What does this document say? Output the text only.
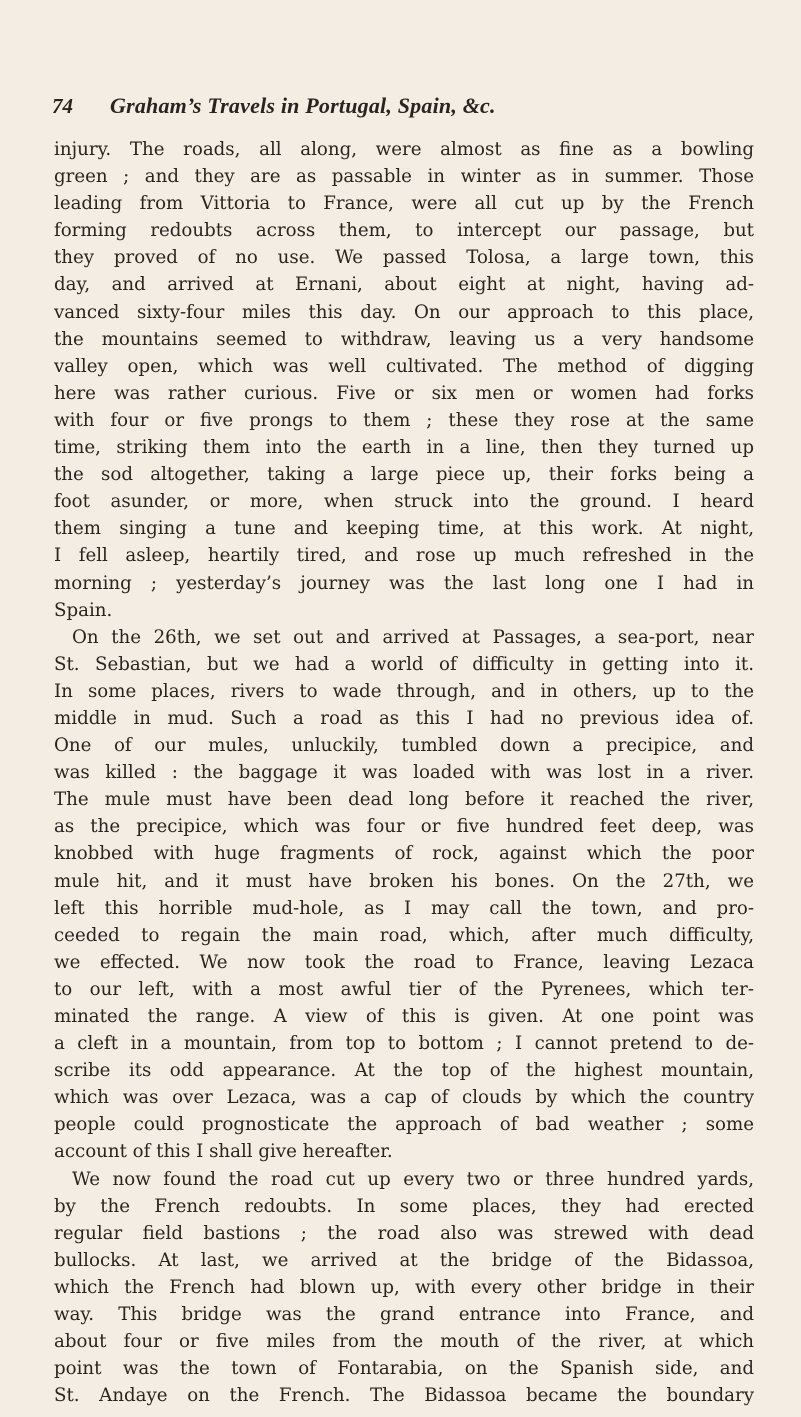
74 Graham’s Travels in Portugal, Spain, &c.
injury. The roads, all along, were almost as fine as a bowling
green ; and they are as passable in winter as in summer. Those
leading from Vittoria to France, were all cut up by the French
forming redoubts across them, to intercept our passage, but
they proved of no use. We passed Tolosa, a large town, this
day, and arrived at Ernani, about eight at night, having ad-
vanced sixty-four miles this day. On our approach to this place,
the mountains seemed to withdraw, leaving us a very handsome
valley open, which was well cultivated. The method of digging
here was rather curious. Five or six men or women had forks
with four or five prongs to them ; these they rose at the same
time, striking them into the earth in a line, then they turned up
the sod altogether, taking a large piece up, their forks being a
foot asunder, or more, when struck into the ground. I heard
them singing a tune and keeping time, at this work. At night,
I fell asleep, heartily tired, and rose up much refreshed in the
morning ; yesterday’s journey was the last long one I had in
Spain.
On the 26th, we set out and arrived at Passages, a sea-port, near
St. Sebastian, but we had a world of difficulty in getting into it.
In some places, rivers to wade through, and in others, up to the
middle in mud. Such a road as this I had no previous idea of.
One of our mules, unluckily, tumbled down a precipice, and
was killed : the baggage it was loaded with was lost in a river.
The mule must have been dead long before it reached the river,
as the precipice, which was four or five hundred feet deep, was
knobbed with huge fragments of rock, against which the poor
mule hit, and it must have broken his bones. On the 27th, we
left this horrible mud-hole, as I may call the town, and pro-
ceeded to regain the main road, which, after much difficulty,
we effected. We now took the road to France, leaving Lezaca
to our left, with a most awful tier of the Pyrenees, which ter-
minated the range. A view of this is given. At one point was
a cleft in a mountain, from top to bottom ; I cannot pretend to de-
scribe its odd appearance. At the top of the highest mountain,
which was over Lezaca, was a cap of clouds by which the country
people could prognosticate the approach of bad weather ; some
account of this I shall give hereafter.
We now found the road cut up every two or three hundred yards,
by the French redoubts. In some places, they had erected
regular field bastions ; the road also was strewed with dead
bullocks. At last, we arrived at the bridge of the Bidassoa,
which the French had blown up, with every other bridge in their
way. This bridge was the grand entrance into France, and
about four or five miles from the mouth of the river, at which
point was the town of Fontarabia, on the Spanish side, and
St. Andaye on the French. The Bidassoa became the boundary
